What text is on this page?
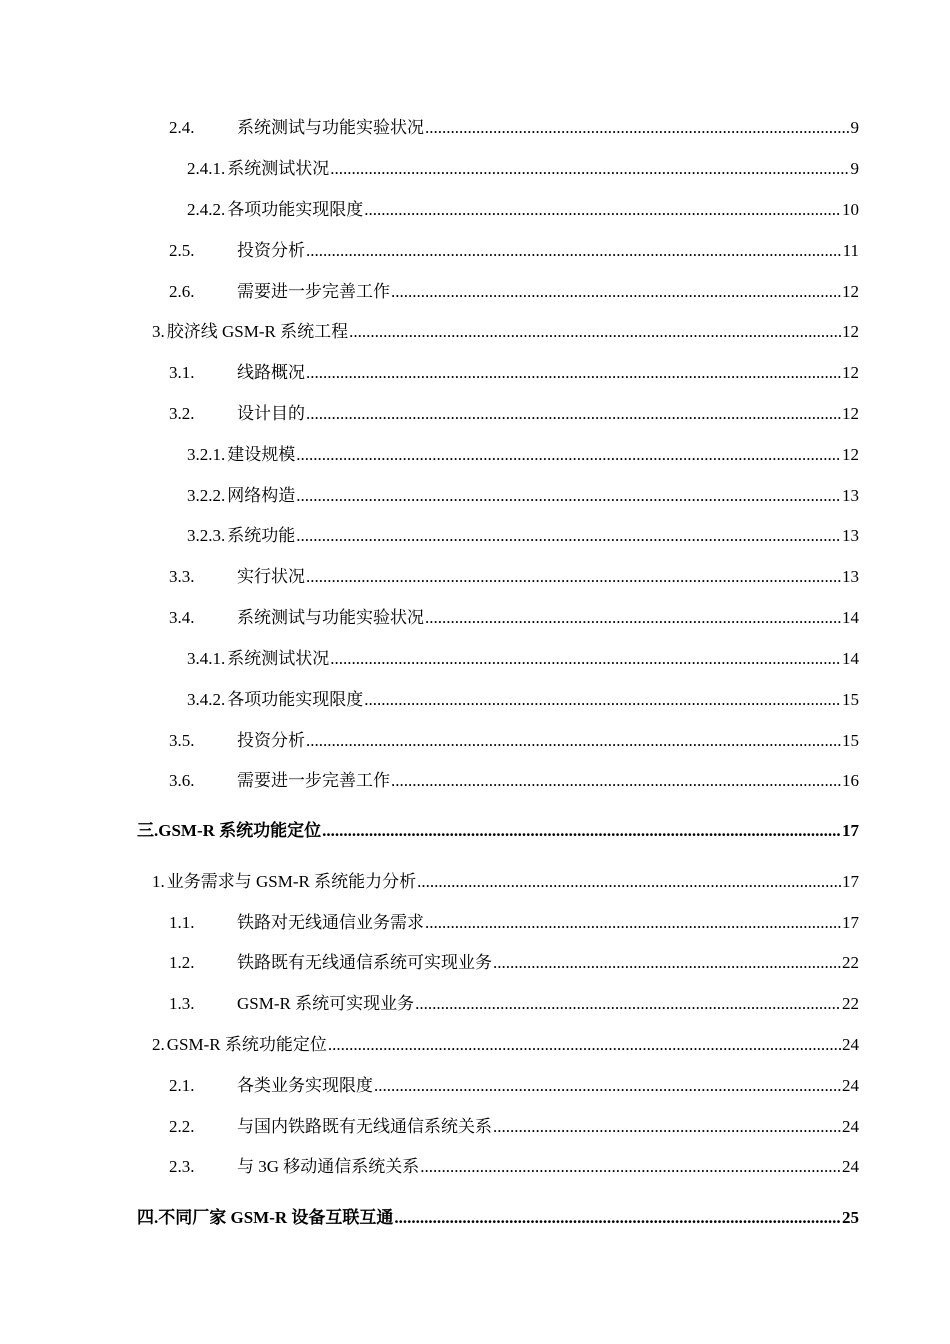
2.4.	系统测试与功能实验状况 .....	9
2.4.1. 系统测试状况 .....	9
2.4.2. 各项功能实现限度 .....	10
2.5.	投资分析 .....	11
2.6.	需要进一步完善工作 .....	12
3. 胶济线 GSM-R 系统工程 .....	12
3.1.	线路概况 .....	12
3.2.	设计目的 .....	12
3.2.1. 建设规模 .....	12
3.2.2. 网络构造 .....	13
3.2.3. 系统功能 .....	13
3.3.	实行状况 .....	13
3.4.	系统测试与功能实验状况 .....	14
3.4.1. 系统测试状况 .....	14
3.4.2. 各项功能实现限度 .....	15
3.5.	投资分析 .....	15
3.6.	需要进一步完善工作 .....	16
三. GSM-R 系统功能定位 .....	17
1. 业务需求与 GSM-R 系统能力分析 .....	17
1.1.	铁路对无线通信业务需求 .....	17
1.2.	铁路既有无线通信系统可实现业务 .....	22
1.3.	GSM-R 系统可实现业务 .....	22
2. GSM-R 系统功能定位 .....	24
2.1.	各类业务实现限度 .....	24
2.2.	与国内铁路既有无线通信系统关系 .....	24
2.3.	与 3G 移动通信系统关系 .....	24
四. 不同厂家 GSM-R 设备互联互通 .....	25
